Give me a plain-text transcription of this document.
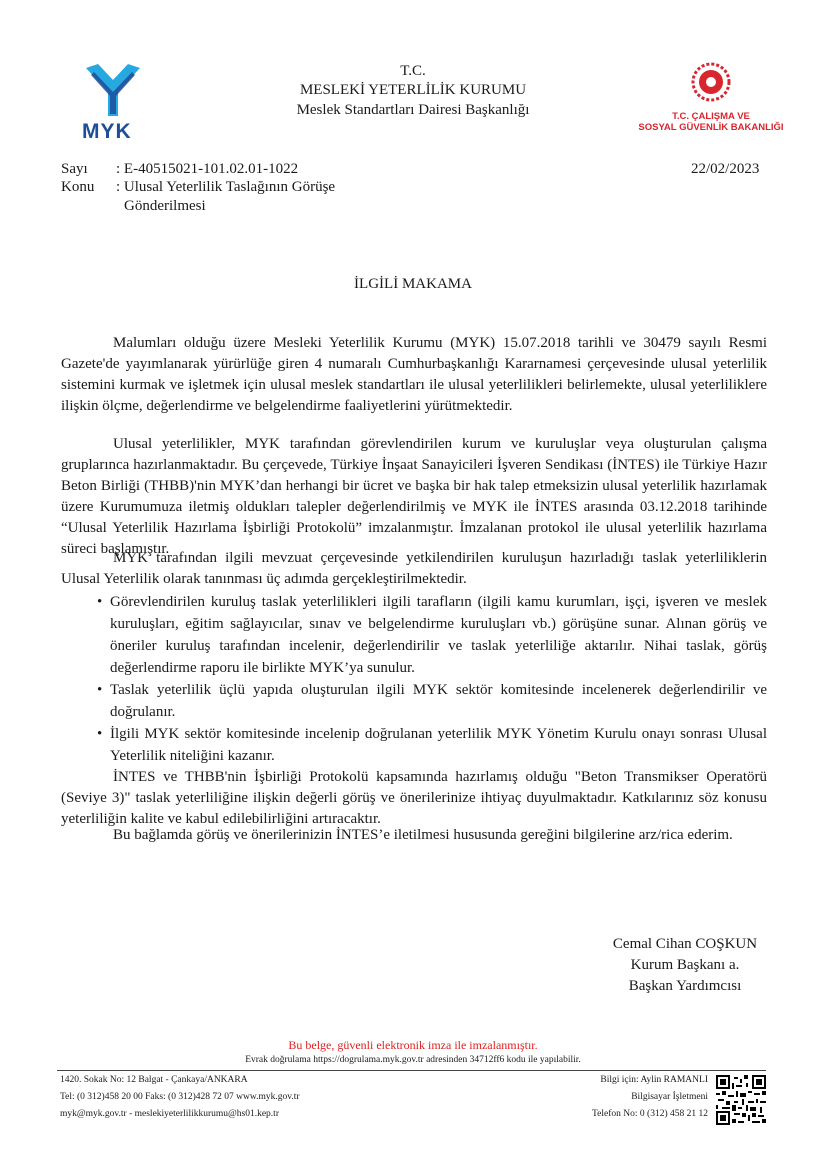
MYK
T.C.
MESLEKİ YETERLİLİK KURUMU
Meslek Standartları Dairesi Başkanlığı	T.C. ÇALIŞMA VE
SOSYAL GÜVENLİK BAKANLIĞI
Sayı : E-40515021-101.02.01-1022	22/02/2023
Konu : Ulusal Yeterlilik Taslağının Görüşe
Gönderilmesi
İLGİLİ MAKAMA
Malumları olduğu üzere Mesleki Yeterlilik Kurumu (MYK) 15.07.2018 tarihli ve 30479 sayılı Resmi Gazete'de yayımlanarak yürürlüğe giren 4 numaralı Cumhurbaşkanlığı Kararnamesi çerçevesinde ulusal yeterlilik sistemini kurmak ve işletmek için ulusal meslek standartları ile ulusal yeterlilikleri belirlemekte, ulusal yeterliliklere ilişkin ölçme, değerlendirme ve belgelendirme faaliyetlerini yürütmektedir.
Ulusal yeterlilikler, MYK tarafından görevlendirilen kurum ve kuruluşlar veya oluşturulan çalışma gruplarınca hazırlanmaktadır. Bu çerçevede, Türkiye İnşaat Sanayicileri İşveren Sendikası (İNTES) ile Türkiye Hazır Beton Birliği (THBB)'nin MYK’dan herhangi bir ücret ve başka bir hak talep etmeksizin ulusal yeterlilik hazırlamak üzere Kurumumuza iletmiş oldukları talepler değerlendirilmiş ve MYK ile İNTES arasında 03.12.2018 tarihinde “Ulusal Yeterlilik Hazırlama İşbirliği Protokolü” imzalanmıştır. İmzalanan protokol ile ulusal yeterlilik hazırlama süreci başlamıştır.
MYK tarafından ilgili mevzuat çerçevesinde yetkilendirilen kuruluşun hazırladığı taslak yeterliliklerin Ulusal Yeterlilik olarak tanınması üç adımda gerçekleştirilmektedir.
• Görevlendirilen kuruluş taslak yeterlilikleri ilgili tarafların (ilgili kamu kurumları, işçi, işveren ve meslek kuruluşları, eğitim sağlayıcılar, sınav ve belgelendirme kuruluşları vb.) görüşüne sunar. Alınan görüş ve öneriler kuruluş tarafından incelenir, değerlendirilir ve taslak yeterliliğe aktarılır. Nihai taslak, görüş değerlendirme raporu ile birlikte MYK’ya sunulur.
• Taslak yeterlilik üçlü yapıda oluşturulan ilgili MYK sektör komitesinde incelenerek değerlendirilir ve doğrulanır.
• İlgili MYK sektör komitesinde incelenip doğrulanan yeterlilik MYK Yönetim Kurulu onayı sonrası Ulusal Yeterlilik niteliğini kazanır.
İNTES ve THBB'nin İşbirliği Protokolü kapsamında hazırlamış olduğu "Beton Transmikser Operatörü (Seviye 3)" taslak yeterliliğine ilişkin değerli görüş ve önerilerinize ihtiyaç duyulmaktadır. Katkılarınız söz konusu yeterliliğin kalite ve kabul edilebilirliğini artıracaktır.
Bu bağlamda görüş ve önerilerinizin İNTES’e iletilmesi hususunda gereğini bilgilerine arz/rica ederim.
Cemal Cihan COŞKUN
Kurum Başkanı a.
Başkan Yardımcısı
Bu belge, güvenli elektronik imza ile imzalanmıştır.
Evrak doğrulama https://dogrulama.myk.gov.tr adresinden 34712ff6 kodu ile yapılabilir.
1420. Sokak No: 12 Balgat - Çankaya/ANKARA
Tel: (0 312)458 20 00 Faks: (0 312)428 72 07 www.myk.gov.tr
myk@myk.gov.tr - meslekiyeterlilikkurumu@hs01.kep.tr
Bilgi için: Aylin RAMANLI
Bilgisayar İşletmeni
Telefon No: 0 (312) 458 21 12
